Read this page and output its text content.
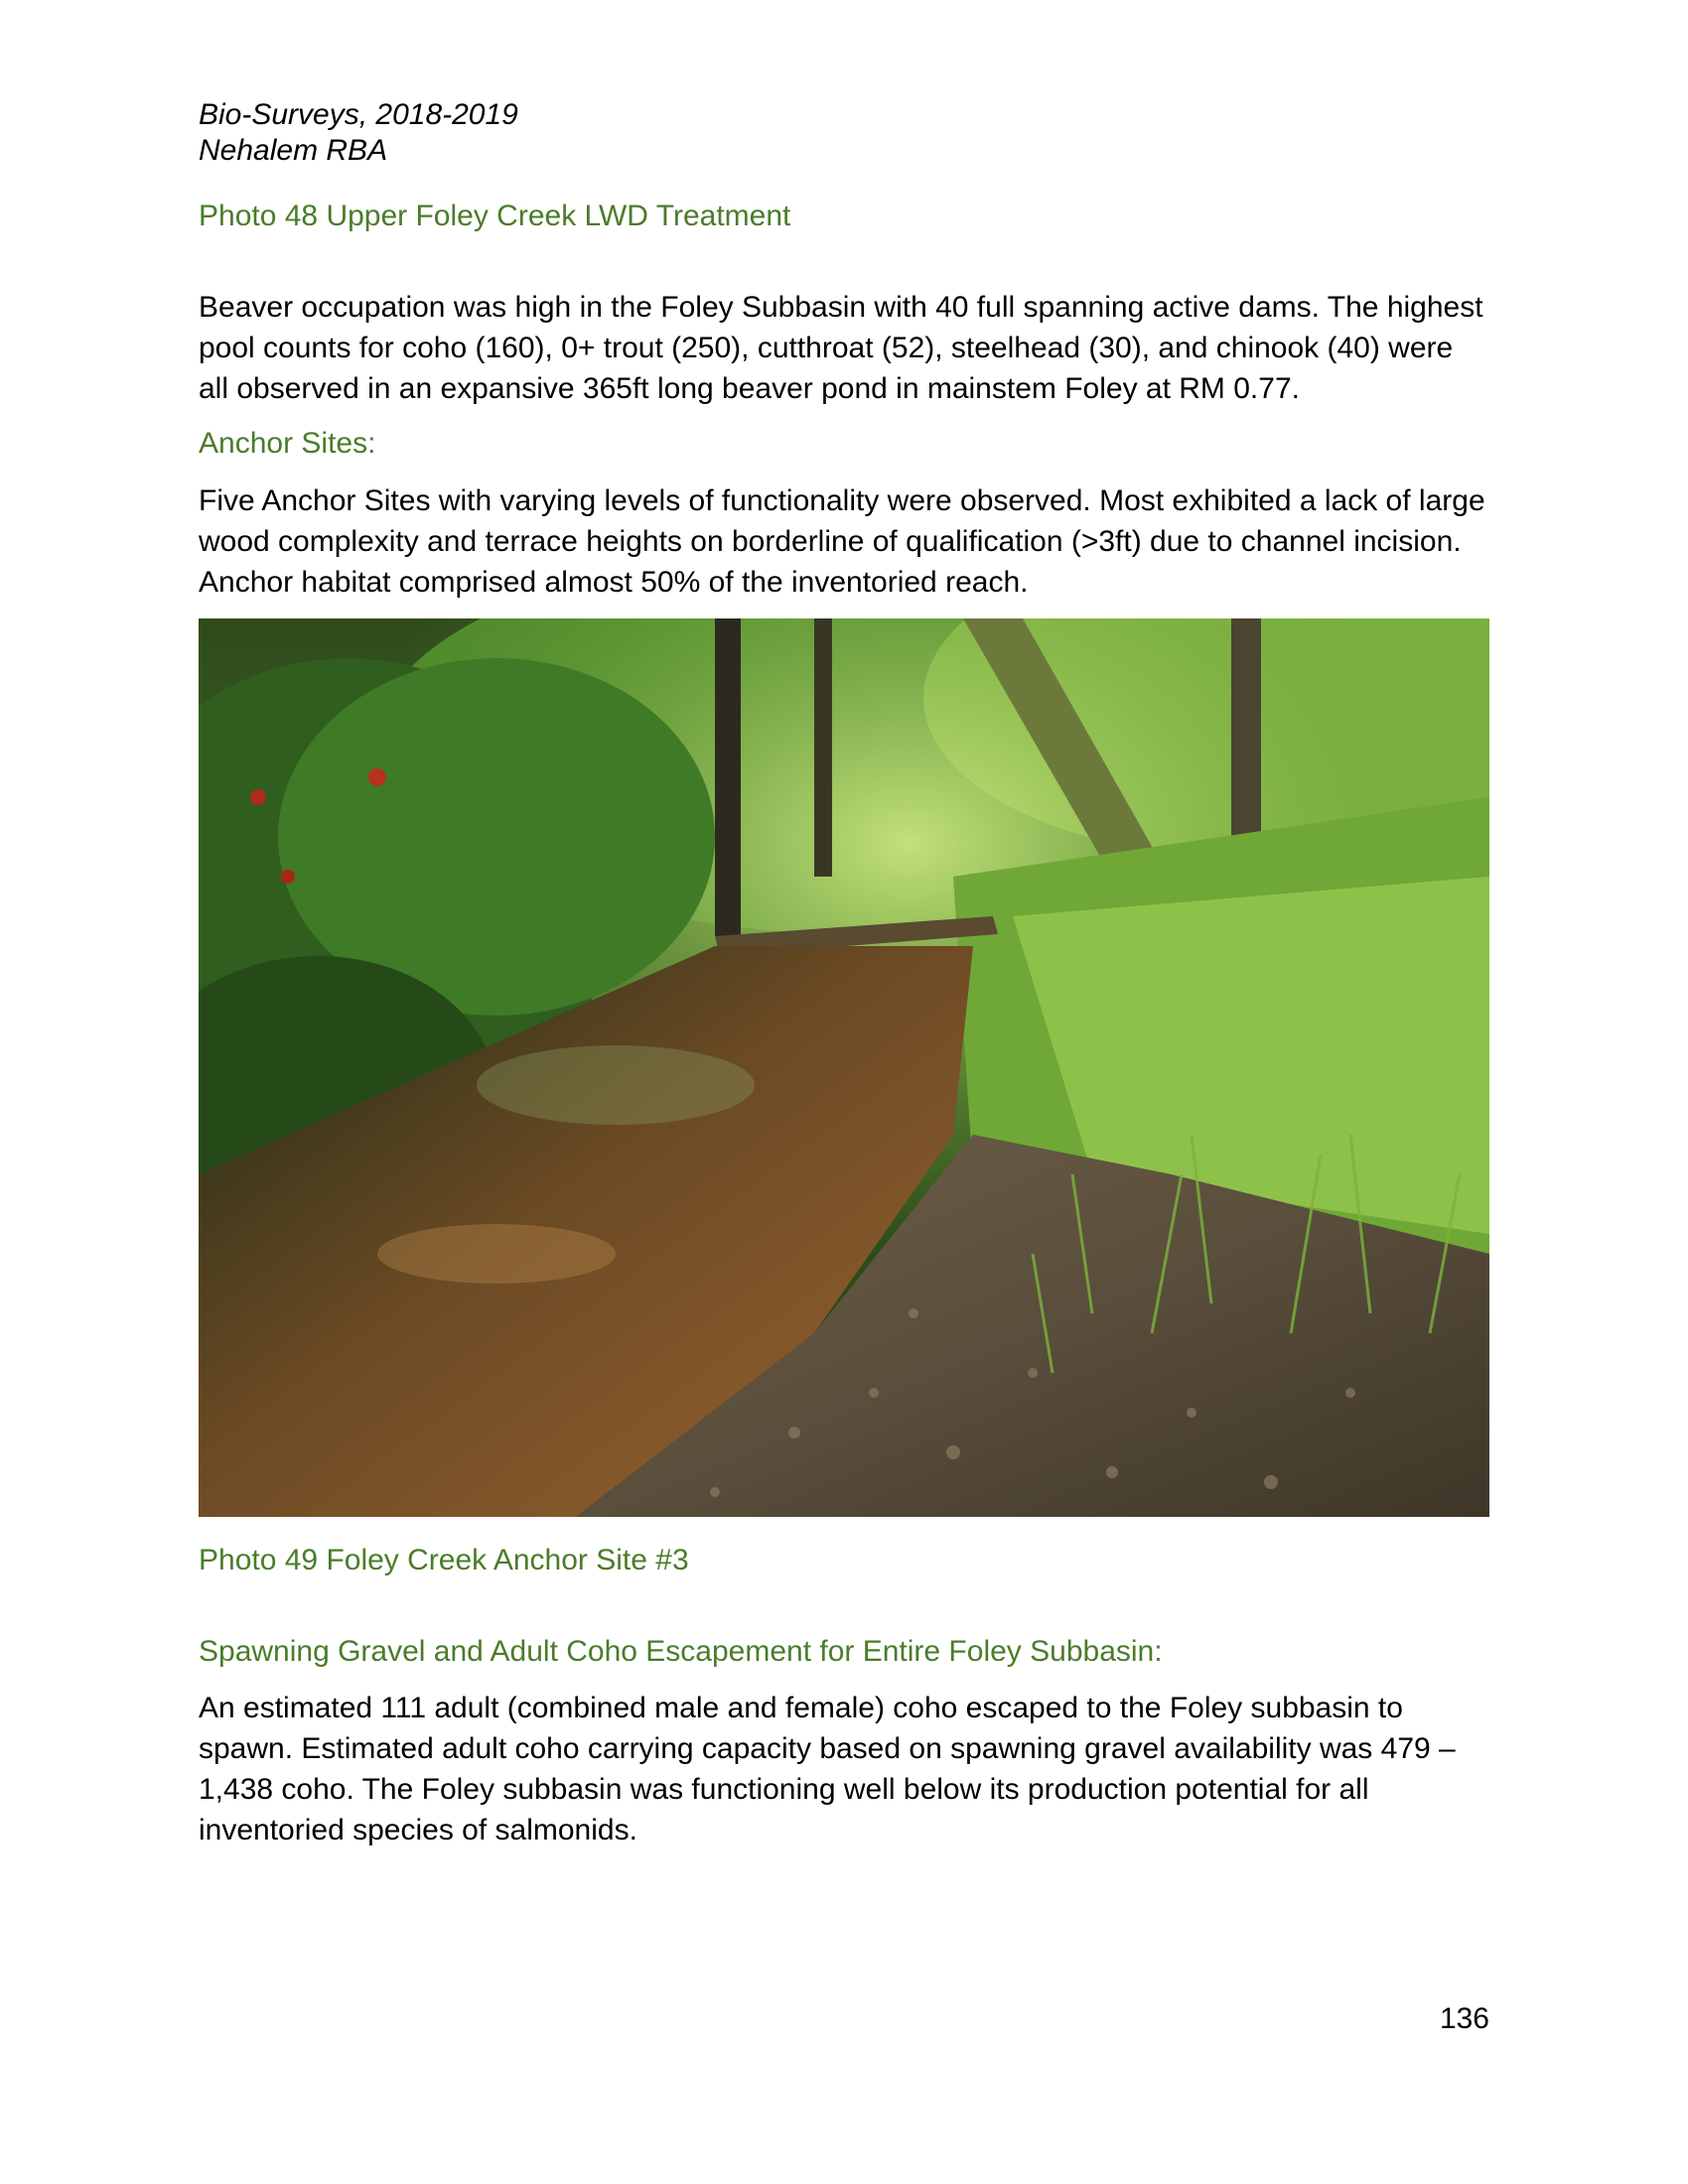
Bio-Surveys, 2018-2019
Nehalem RBA
Photo 48 Upper Foley Creek LWD Treatment
Beaver occupation was high in the Foley Subbasin with 40 full spanning active dams. The highest pool counts for coho (160), 0+ trout (250), cutthroat (52), steelhead (30), and chinook (40) were all observed in an expansive 365ft long beaver pond in mainstem Foley at RM 0.77.
Anchor Sites:
Five Anchor Sites with varying levels of functionality were observed. Most exhibited a lack of large wood complexity and terrace heights on borderline of qualification (>3ft) due to channel incision. Anchor habitat comprised almost 50% of the inventoried reach.
Photo 49 Foley Creek Anchor Site #3
Spawning Gravel and Adult Coho Escapement for Entire Foley Subbasin:
An estimated 111 adult (combined male and female) coho escaped to the Foley subbasin to spawn. Estimated adult coho carrying capacity based on spawning gravel availability was 479 – 1,438 coho. The Foley subbasin was functioning well below its production potential for all inventoried species of salmonids.
136
